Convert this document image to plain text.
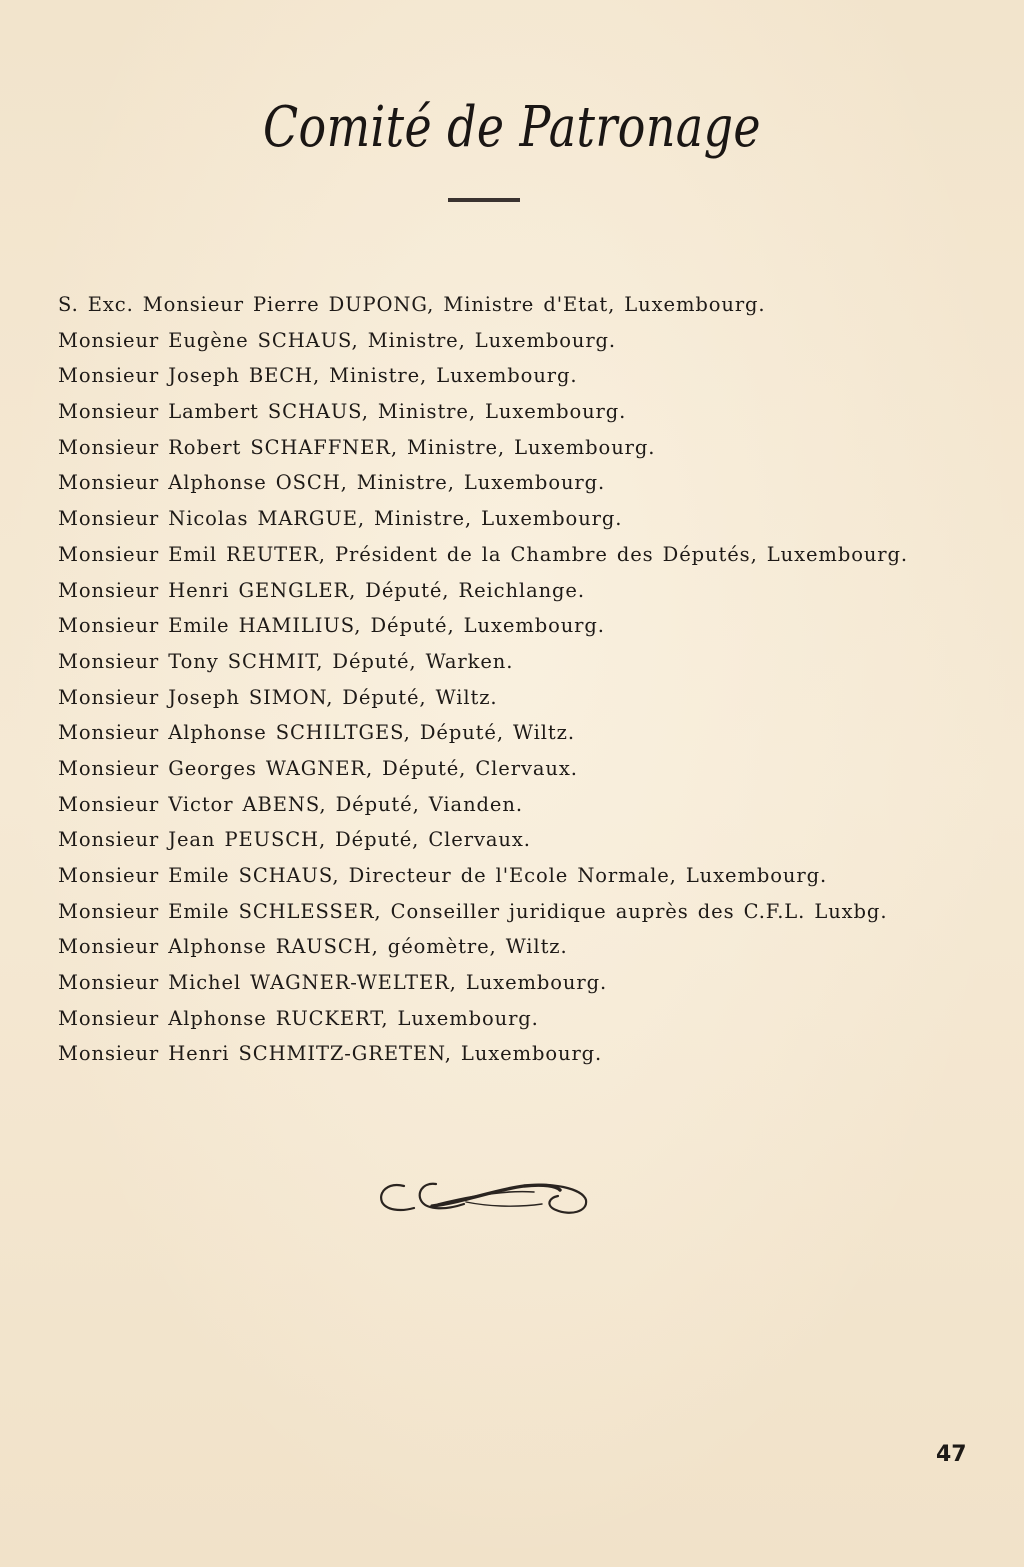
Comité de Patronage
S. Exc. Monsieur Pierre DUPONG, Ministre d'Etat, Luxembourg.
Monsieur Eugène SCHAUS, Ministre, Luxembourg.
Monsieur Joseph BECH, Ministre, Luxembourg.
Monsieur Lambert SCHAUS, Ministre, Luxembourg.
Monsieur Robert SCHAFFNER, Ministre, Luxembourg.
Monsieur Alphonse OSCH, Ministre, Luxembourg.
Monsieur Nicolas MARGUE, Ministre, Luxembourg.
Monsieur Emil REUTER, Président de la Chambre des Députés, Luxembourg.
Monsieur Henri GENGLER, Député, Reichlange.
Monsieur Emile HAMILIUS, Député, Luxembourg.
Monsieur Tony SCHMIT, Député, Warken.
Monsieur Joseph SIMON, Député, Wiltz.
Monsieur Alphonse SCHILTGES, Député, Wiltz.
Monsieur Georges WAGNER, Député, Clervaux.
Monsieur Victor ABENS, Député, Vianden.
Monsieur Jean PEUSCH, Député, Clervaux.
Monsieur Emile SCHAUS, Directeur de l'Ecole Normale, Luxembourg.
Monsieur Emile SCHLESSER, Conseiller juridique auprès des C.F.L. Luxbg.
Monsieur Alphonse RAUSCH, géomètre, Wiltz.
Monsieur Michel WAGNER-WELTER, Luxembourg.
Monsieur Alphonse RUCKERT, Luxembourg.
Monsieur Henri SCHMITZ-GRETEN, Luxembourg.
47
